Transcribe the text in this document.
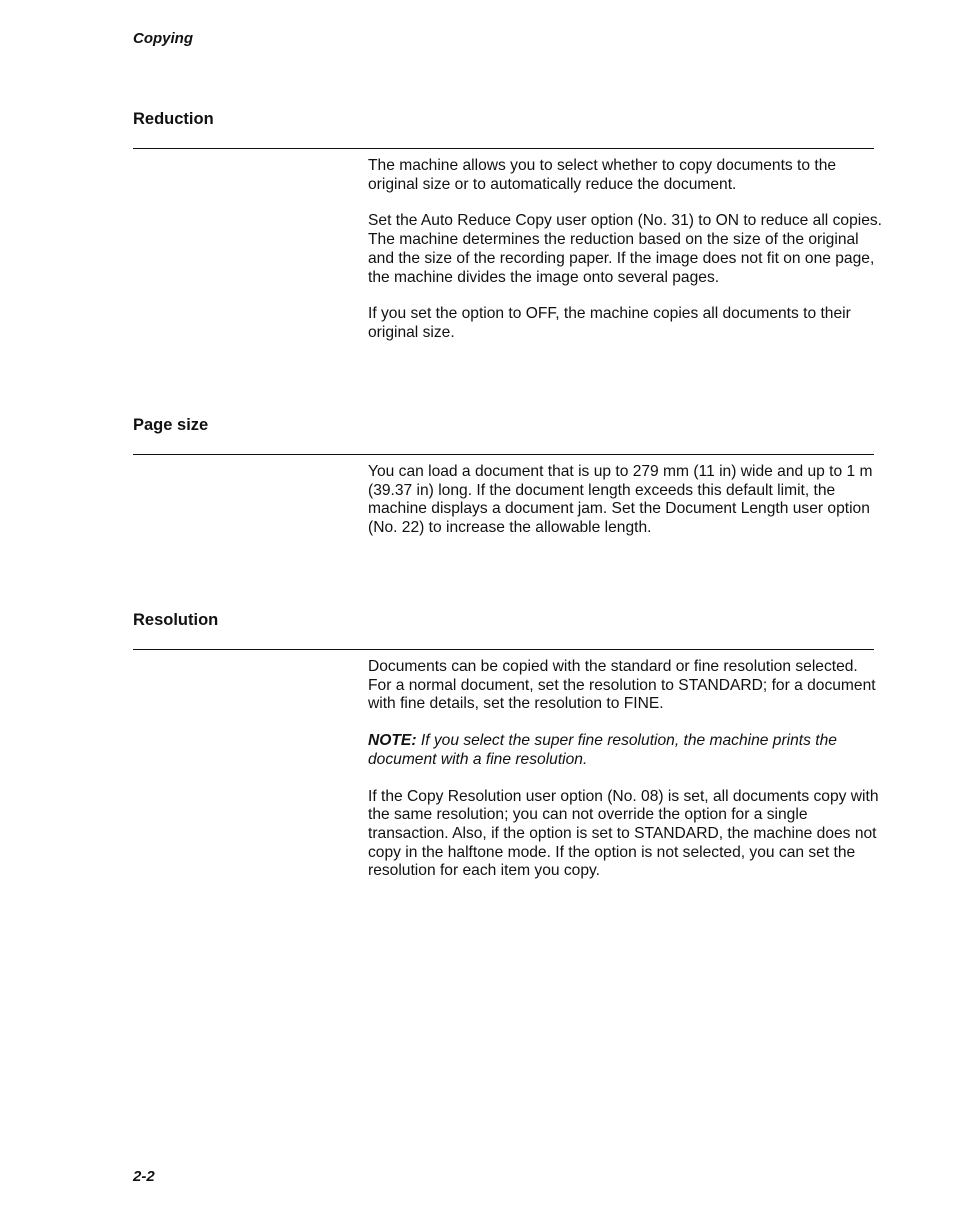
Copying
Reduction

The machine allows you to select whether to copy documents to the original size or to automatically reduce the document.

Set the Auto Reduce Copy user option (No. 31) to ON to reduce all copies. The machine determines the reduction based on the size of the original and the size of the recording paper. If the image does not fit on one page, the machine divides the image onto several pages.

If you set the option to OFF, the machine copies all documents to their original size.

Page size

You can load a document that is up to 279 mm (11 in) wide and up to 1 m (39.37 in) long. If the document length exceeds this default limit, the machine displays a document jam. Set the Document Length user option (No. 22) to increase the allowable length.

Resolution

Documents can be copied with the standard or fine resolution selected. For a normal document, set the resolution to STANDARD; for a document with fine details, set the resolution to FINE.

NOTE: If you select the super fine resolution, the machine prints the document with a fine resolution.

If the Copy Resolution user option (No. 08) is set, all documents copy with the same resolution; you can not override the option for a single transaction. Also, if the option is set to STANDARD, the machine does not copy in the halftone mode. If the option is not selected, you can set the resolution for each item you copy.

2-2
